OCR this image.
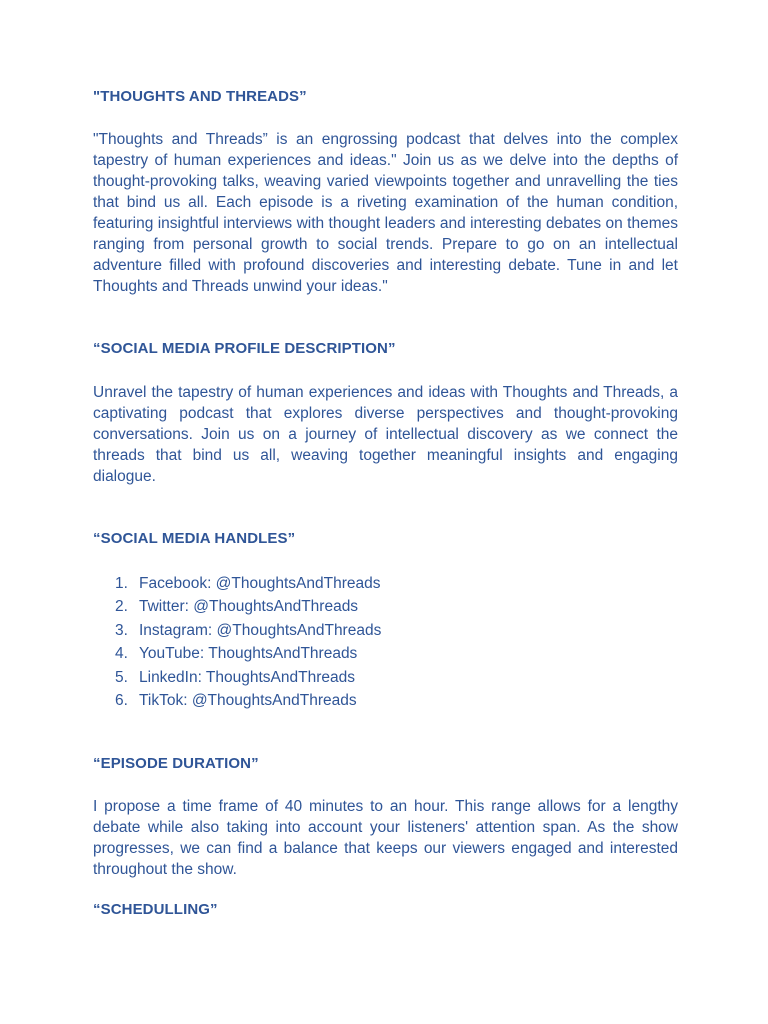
"THOUGHTS AND THREADS”

"Thoughts and Threads” is an engrossing podcast that delves into the complex tapestry of human experiences and ideas." Join us as we delve into the depths of thought-provoking talks, weaving varied viewpoints together and unravelling the ties that bind us all. Each episode is a riveting examination of the human condition, featuring insightful interviews with thought leaders and interesting debates on themes ranging from personal growth to social trends. Prepare to go on an intellectual adventure filled with profound discoveries and interesting debate. Tune in and let Thoughts and Threads unwind your ideas."

“SOCIAL MEDIA PROFILE DESCRIPTION”

Unravel the tapestry of human experiences and ideas with Thoughts and Threads, a captivating podcast that explores diverse perspectives and thought-provoking conversations. Join us on a journey of intellectual discovery as we connect the threads that bind us all, weaving together meaningful insights and engaging dialogue.

“SOCIAL MEDIA HANDLES”
1. Facebook: @ThoughtsAndThreads
2. Twitter: @ThoughtsAndThreads
3. Instagram: @ThoughtsAndThreads
4. YouTube: ThoughtsAndThreads
5. LinkedIn: ThoughtsAndThreads
6. TikTok: @ThoughtsAndThreads
“EPISODE DURATION”

I propose a time frame of 40 minutes to an hour. This range allows for a lengthy debate while also taking into account your listeners' attention span. As the show progresses, we can find a balance that keeps our viewers engaged and interested throughout the show.

“SCHEDULLING”
